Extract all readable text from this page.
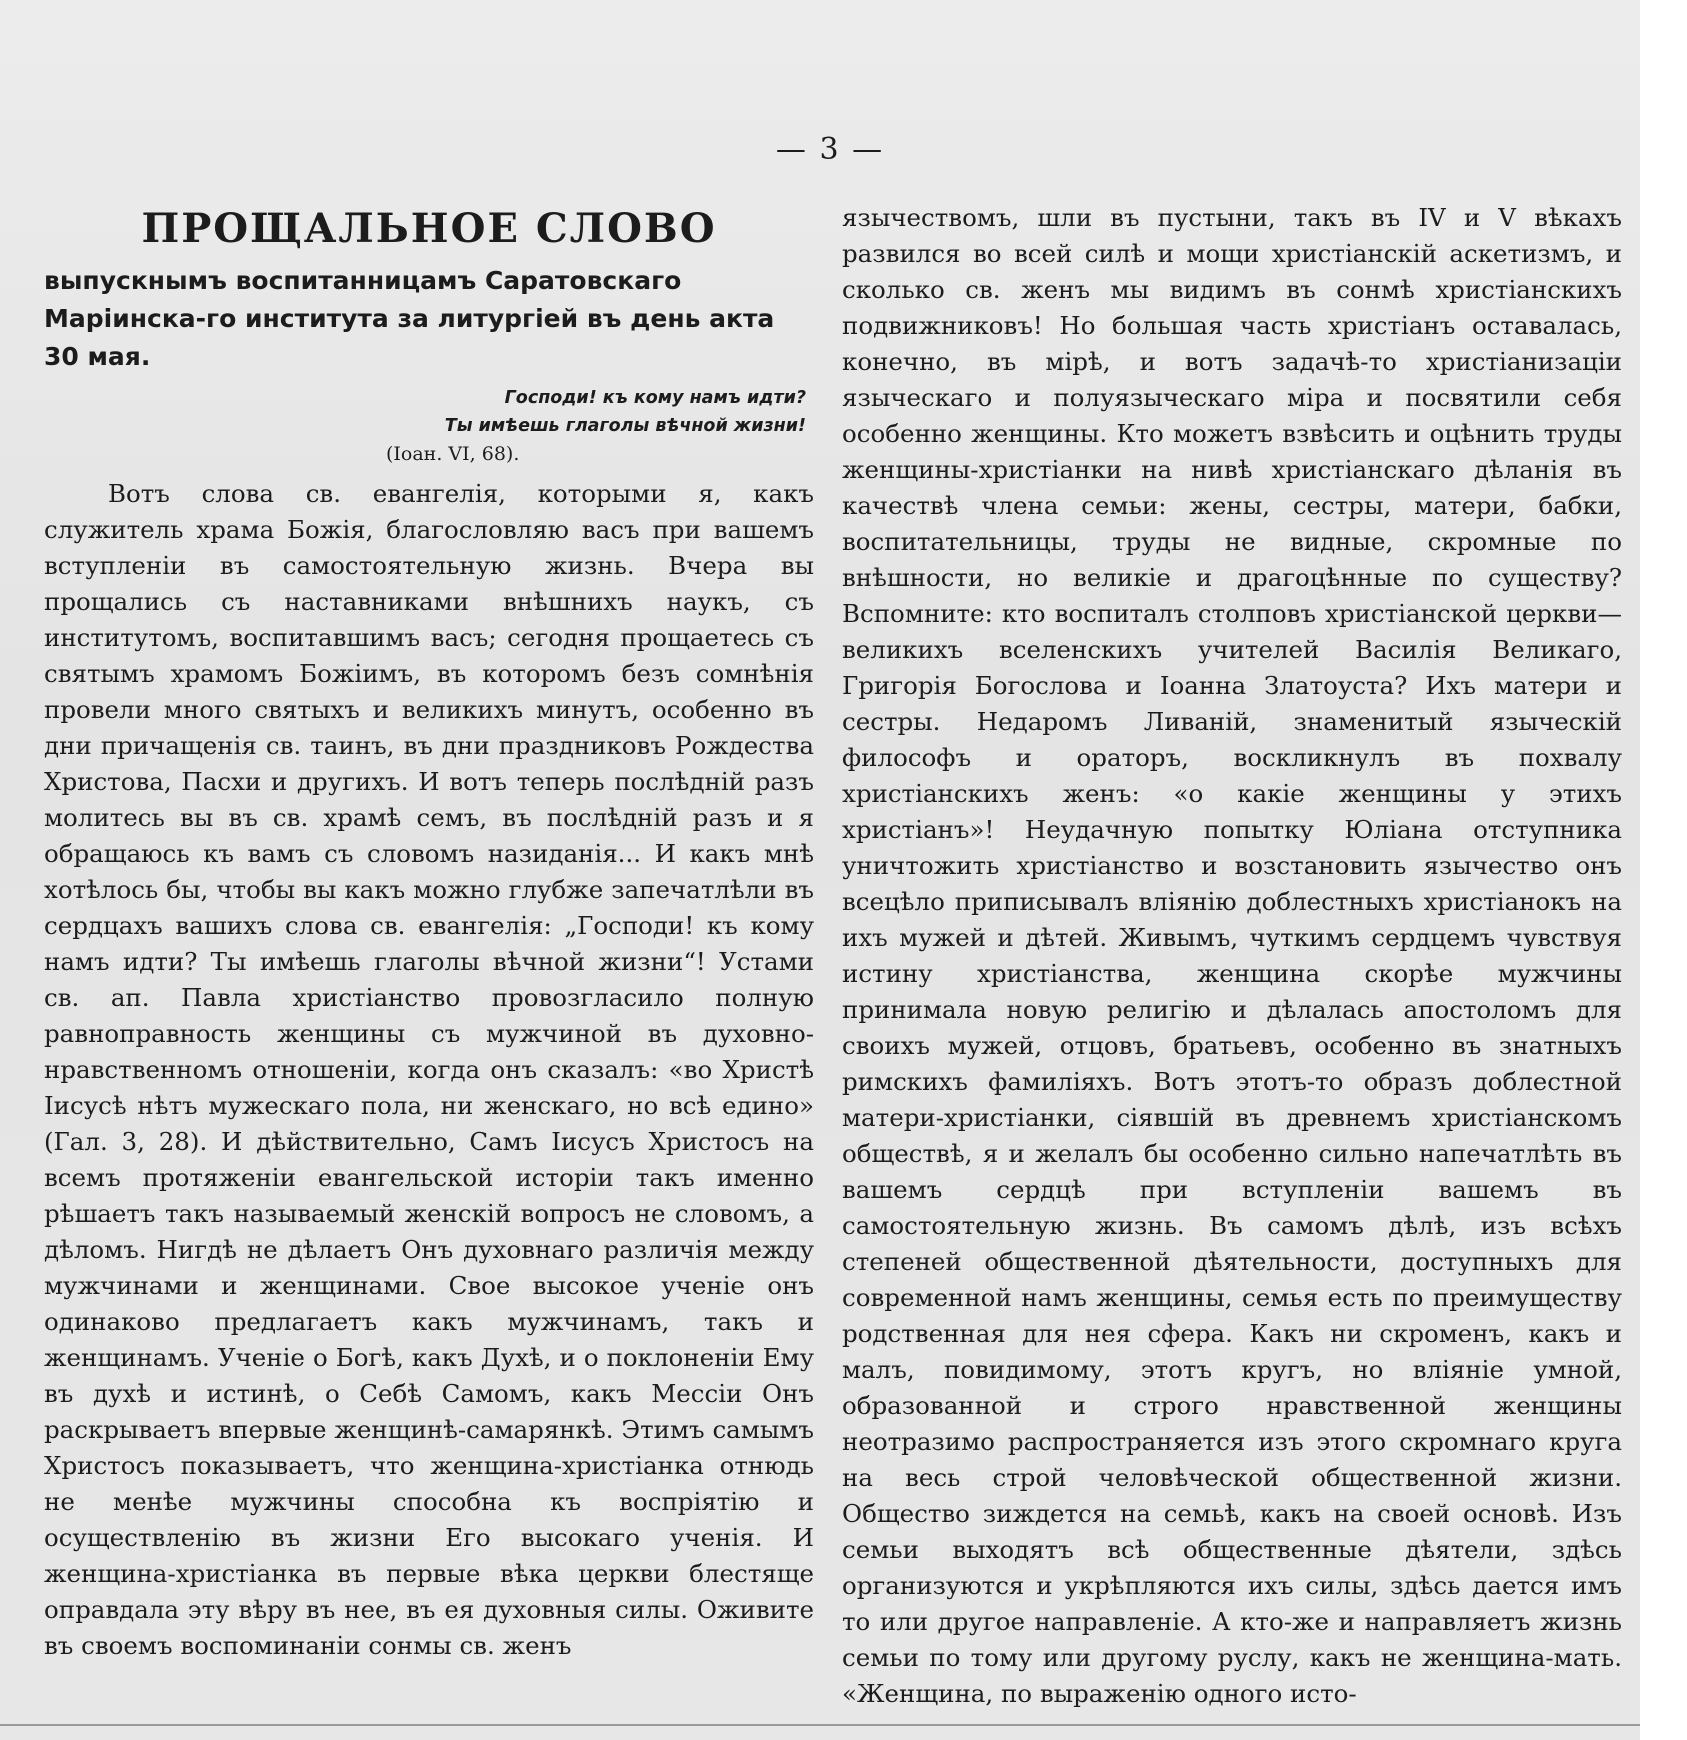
— 3 —
ПРОЩАЛЬНОЕ СЛОВО
выпускнымъ воспитанницамъ Саратовскаго Маріинска-го института за литургіей въ день акта 30 мая.
Господи! къ кому намъ идти?
Ты имѣешь глаголы вѣчной жизни!
(Іоан. VI, 68).

Вотъ слова св. евангелія, которыми я, какъ служитель храма Божія, благословляю васъ при вашемъ вступленіи въ самостоятельную жизнь. Вчера вы прощались съ наставниками внѣшнихъ наукъ, съ институтомъ, воспитавшимъ васъ; сегодня прощаетесь съ святымъ храмомъ Божіимъ, въ которомъ безъ сомнѣнія провели много святыхъ и великихъ минутъ, особенно въ дни причащенія св. таинъ, въ дни праздниковъ Рождества Христова, Пасхи и другихъ. И вотъ теперь послѣдній разъ молитесь вы въ св. храмѣ семъ, въ послѣдній разъ и я обращаюсь къ вамъ съ словомъ назиданія... И какъ мнѣ хотѣлось бы, чтобы вы какъ можно глубже запечатлѣли въ сердцахъ вашихъ слова св. евангелія: „Господи! къ кому намъ идти? Ты имѣешь глаголы вѣчной жизни“! Устами св. ап. Павла христіанство провозгласило полную равноправность женщины съ мужчиной въ духовно-нравственномъ отношеніи, когда онъ сказалъ: «во Христѣ Іисусѣ нѣтъ мужескаго пола, ни женскаго, но всѣ едино» (Гал. 3, 28). И дѣйствительно, Самъ Іисусъ Христосъ на всемъ протяженіи евангельской исторіи такъ именно рѣшаетъ такъ называемый женскій вопросъ не словомъ, а дѣломъ. Нигдѣ не дѣлаетъ Онъ духовнаго различія между мужчинами и женщинами. Свое высокое ученіе онъ одинаково предлагаетъ какъ мужчинамъ, такъ и женщинамъ. Ученіе о Богѣ, какъ Духѣ, и о поклоненіи Ему въ духѣ и истинѣ, о Себѣ Самомъ, какъ Мессіи Онъ раскрываетъ впервые женщинѣ-самарянкѣ. Этимъ самымъ Христосъ показываетъ, что женщина-христіанка отнюдь не менѣе мужчины способна къ воспріятію и осуществленію въ жизни Его высокаго ученія. И женщина-христіанка въ первые вѣка церкви блестяще оправдала эту вѣру въ нее, въ ея духовныя силы. Оживите въ своемъ воспоминаніи сонмы св. женъ

язычествомъ, шли въ пустыни, такъ въ IV и V вѣкахъ развился во всей силѣ и мощи христіанскій аскетизмъ, и сколько св. женъ мы видимъ въ сонмѣ христіанскихъ подвижниковъ! Но большая часть христіанъ оставалась, конечно, въ мірѣ, и вотъ задачѣ-то христіанизаціи языческаго и полуязыческаго міра и посвятили себя особенно женщины. Кто можетъ взвѣсить и оцѣнить труды женщины-христіанки на нивѣ христіанскаго дѣланія въ качествѣ члена семьи: жены, сестры, матери, бабки, воспитательницы, труды не видные, скромные по внѣшности, но великіе и драгоцѣнные по существу? Вспомните: кто воспиталъ столповъ христіанской церкви—великихъ вселенскихъ учителей Василія Великаго, Григорія Богослова и Іоанна Златоуста? Ихъ матери и сестры. Недаромъ Ливаній, знаменитый языческій философъ и ораторъ, воскликнулъ въ похвалу христіанскихъ женъ: «о какіе женщины у этихъ христіанъ»! Неудачную попытку Юліана отступника уничтожить христіанство и возстановить язычество онъ всецѣло приписывалъ вліянію доблестныхъ христіанокъ на ихъ мужей и дѣтей. Живымъ, чуткимъ сердцемъ чувствуя истину христіанства, женщина скорѣе мужчины принимала новую религію и дѣлалась апостоломъ для своихъ мужей, отцовъ, братьевъ, особенно въ знатныхъ римскихъ фамиліяхъ. Вотъ этотъ-то образъ доблестной матери-христіанки, сіявшій въ древнемъ христіанскомъ обществѣ, я и желалъ бы особенно сильно напечатлѣть въ вашемъ сердцѣ при вступленіи вашемъ въ самостоятельную жизнь. Въ самомъ дѣлѣ, изъ всѣхъ степеней общественной дѣятельности, доступныхъ для современной намъ женщины, семья есть по преимуществу родственная для нея сфера. Какъ ни скроменъ, какъ и малъ, повидимому, этотъ кругъ, но вліяніе умной, образованной и строго нравственной женщины неотразимо распространяется изъ этого скромнаго круга на весь строй человѣческой общественной жизни. Общество зиждется на семьѣ, какъ на своей основѣ. Изъ семьи выходятъ всѣ общественные дѣятели, здѣсь организуются и укрѣпляются ихъ силы, здѣсь дается имъ то или другое направленіе. А кто-же и направляетъ жизнь семьи по тому или другому руслу, какъ не женщина-мать. «Женщина, по выраженію одного исто-
